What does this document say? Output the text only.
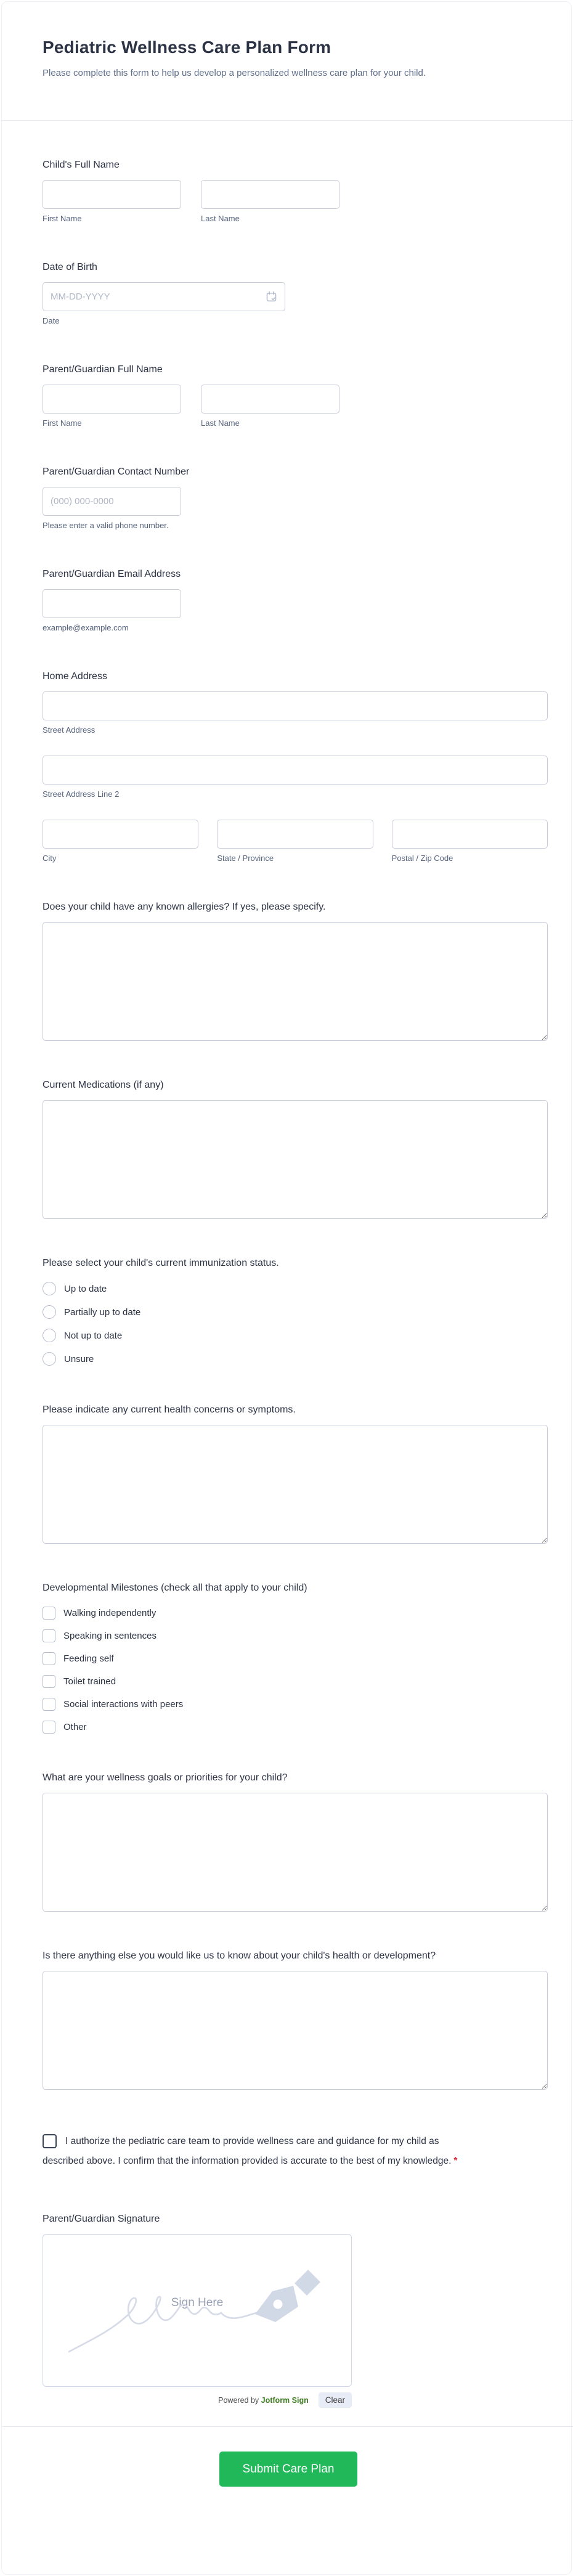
Pediatric Wellness Care Plan Form

Please complete this form to help us develop a personalized wellness care plan for your child.

Child's Full Name
First Name	Last Name
Date of Birth
MM-DD-YYYY
Date
Parent/Guardian Full Name
First Name	Last Name
Parent/Guardian Contact Number
(000) 000-0000
Please enter a valid phone number.
Parent/Guardian Email Address
example@example.com
Home Address
Street Address
Street Address Line 2
City	State / Province	Postal / Zip Code
Does your child have any known allergies? If yes, please specify.
Current Medications (if any)
Please select your child's current immunization status.
Up to date
Partially up to date
Not up to date
Unsure
Please indicate any current health concerns or symptoms.
Developmental Milestones (check all that apply to your child)
Walking independently
Speaking in sentences
Feeding self
Toilet trained
Social interactions with peers
Other
What are your wellness goals or priorities for your child?
Is there anything else you would like us to know about your child's health or development?
I authorize the pediatric care team to provide wellness care and guidance for my child as described above. I confirm that the information provided is accurate to the best of my knowledge. *
Parent/Guardian Signature
Sign Here
Powered by Jotform Sign	Clear
Submit Care Plan
